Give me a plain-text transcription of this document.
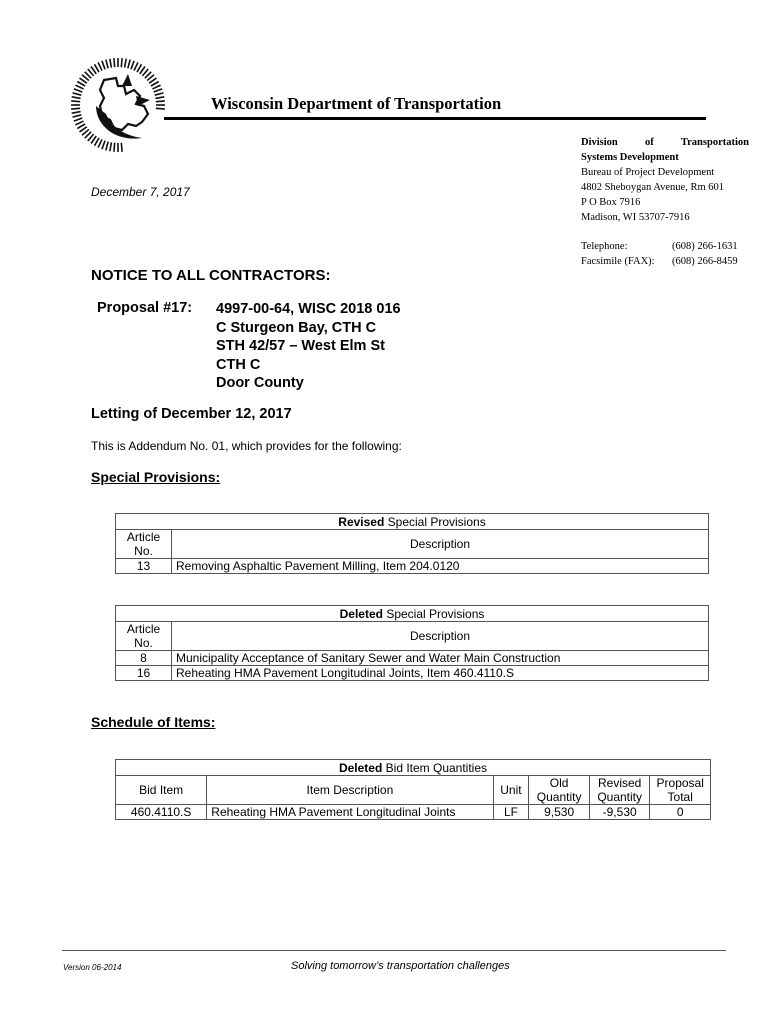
Wisconsin Department of Transportation
Division	of	Transportation
Systems Development
Bureau of Project Development
4802 Sheboygan Avenue, Rm 601
P O Box 7916
Madison, WI 53707-7916
Telephone:	(608) 266-1631
Facsimile (FAX):	(608) 266-8459
December 7, 2017
NOTICE TO ALL CONTRACTORS:
Proposal #17: 4997-00-64, WISC 2018 016
C Sturgeon Bay, CTH C
STH 42/57 – West Elm St
CTH C
Door County
Letting of December 12, 2017
This is Addendum No. 01, which provides for the following:
Special Provisions:
Revised Special Provisions	
Article No.	Description
13	Removing Asphaltic Pavement Milling, Item 204.0120
Deleted Special Provisions	
Article No.	Description
8	Municipality Acceptance of Sanitary Sewer and Water Main Construction
16	Reheating HMA Pavement Longitudinal Joints, Item 460.4110.S
Schedule of Items:
Deleted Bid Item Quantities					
Bid Item	Item Description	Unit	Old Quantity	Revised Quantity	Proposal Total
460.4110.S	Reheating HMA Pavement Longitudinal Joints	LF	9,530	-9,530	0
Version 06-2014	Solving tomorrow’s transportation challenges
